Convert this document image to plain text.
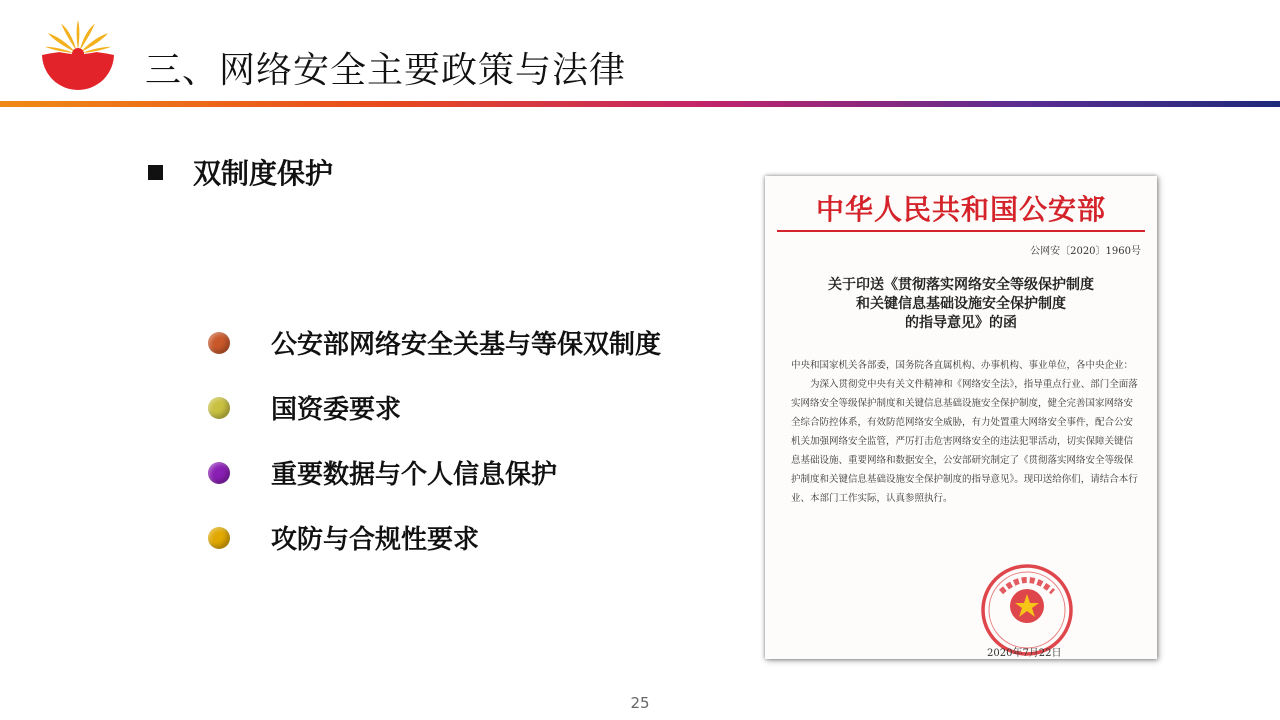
三、网络安全主要政策与法律
双制度保护
公安部网络安全关基与等保双制度
国资委要求
重要数据与个人信息保护
攻防与合规性要求
中华人民共和国公安部
公网安〔2020〕1960号
关于印送《贯彻落实网络安全等级保护制度
和关键信息基础设施安全保护制度
的指导意见》的函

中央和国家机关各部委，国务院各直属机构、办事机构、事业单位，各中央企业：

为深入贯彻党中央有关文件精神和《网络安全法》，指导重点行业、部门全面落实网络安全等级保护制度和关键信息基础设施安全保护制度，健全完善国家网络安全综合防控体系，有效防范网络安全威胁，有力处置重大网络安全事件，配合公安机关加强网络安全监管，严厉打击危害网络安全的违法犯罪活动，切实保障关键信息基础设施、重要网络和数据安全，公安部研究制定了《贯彻落实网络安全等级保护制度和关键信息基础设施安全保护制度的指导意见》。现印送给你们，请结合本行业、本部门工作实际，认真参照执行。

2020年7月22日
25
